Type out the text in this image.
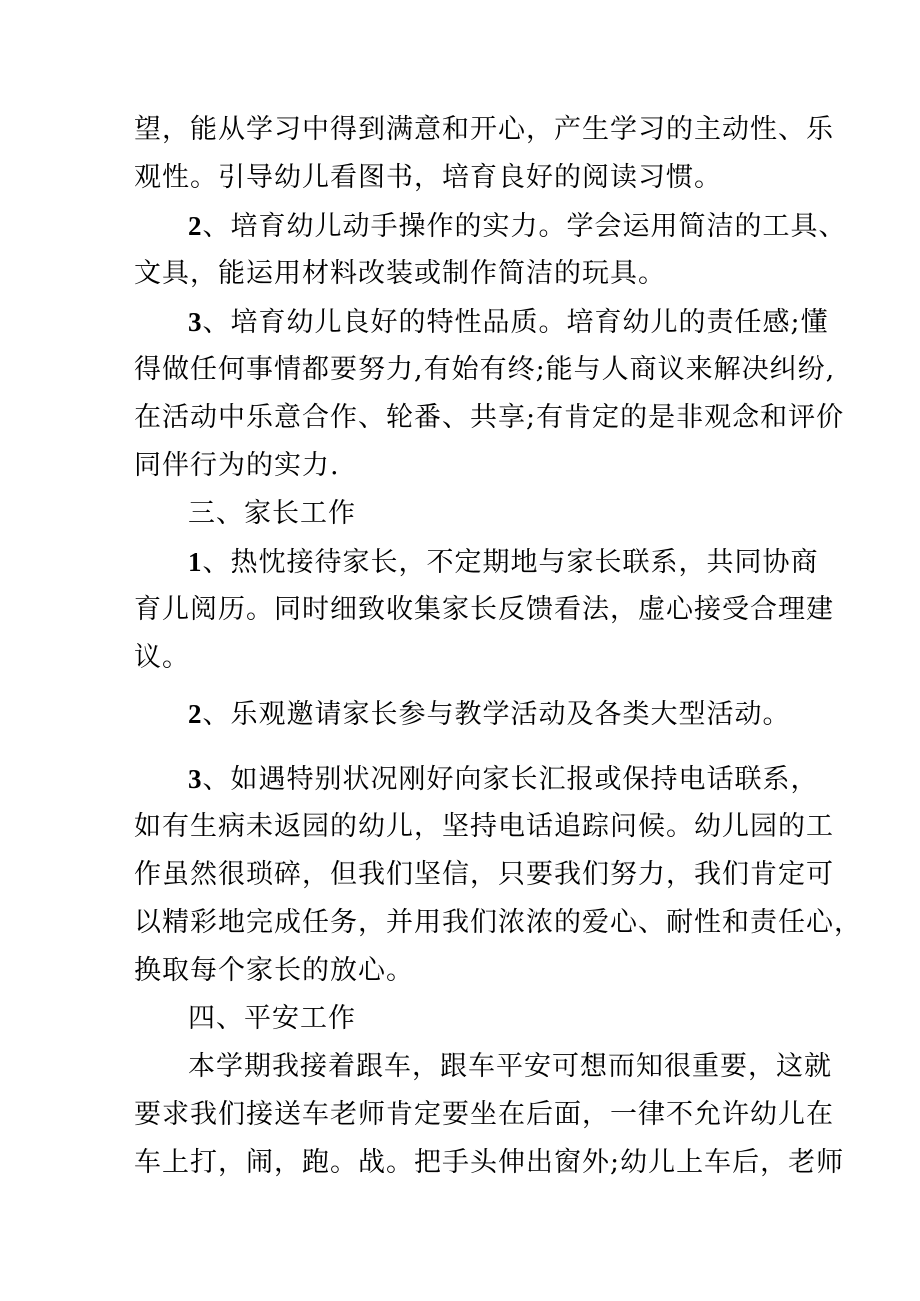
望，能从学习中得到满意和开心，产生学习的主动性、乐
观性。引导幼儿看图书，培育良好的阅读习惯。
2、培育幼儿动手操作的实力。学会运用简洁的工具、
文具，能运用材料改装或制作简洁的玩具。
3、培育幼儿良好的特性品质。培育幼儿的责任感;懂
得做任何事情都要努力,有始有终;能与人商议来解决纠纷,
在活动中乐意合作、轮番、共享;有肯定的是非观念和评价
同伴行为的实力.
三、家长工作
1、热忱接待家长，不定期地与家长联系，共同协商
育儿阅历。同时细致收集家长反馈看法，虚心接受合理建
议。
2、乐观邀请家长参与教学活动及各类大型活动。
3、如遇特别状况刚好向家长汇报或保持电话联系，
如有生病未返园的幼儿，坚持电话追踪问候。幼儿园的工
作虽然很琐碎，但我们坚信，只要我们努力，我们肯定可
以精彩地完成任务，并用我们浓浓的爱心、耐性和责任心，
换取每个家长的放心。
四、平安工作
本学期我接着跟车，跟车平安可想而知很重要，这就
要求我们接送车老师肯定要坐在后面，一律不允许幼儿在
车上打，闹，跑。战。把手头伸出窗外;幼儿上车后，老师
